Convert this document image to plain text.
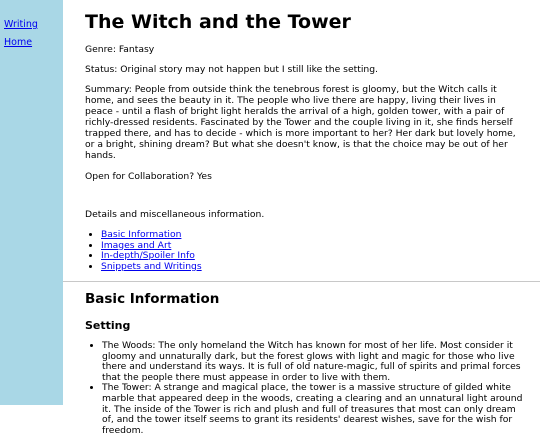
Writing
Home
The Witch and the Tower

Genre: Fantasy

Status: Original story may not happen but I still like the setting.

Summary: People from outside think the tenebrous forest is gloomy, but the Witch calls it home, and sees the beauty in it. The people who live there are happy, living their lives in peace - until a flash of bright light heralds the arrival of a high, golden tower, with a pair of richly-dressed residents. Fascinated by the Tower and the couple living in it, she finds herself trapped there, and has to decide - which is more important to her? Her dark but lovely home, or a bright, shining dream? But what she doesn't know, is that the choice may be out of her hands.

Open for Collaboration? Yes

Details and miscellaneous information.

• Basic Information
• Images and Art
• In-depth/Spoiler Info
• Snippets and Writings
Basic Information
Setting
• The Woods: The only homeland the Witch has known for most of her life. Most consider it gloomy and unnaturally dark, but the forest glows with light and magic for those who live there and understand its ways. It is full of old nature-magic, full of spirits and primal forces that the people there must appease in order to live with them.
• The Tower: A strange and magical place, the tower is a massive structure of gilded white marble that appeared deep in the woods, creating a clearing and an unnatural light around it. The inside of the Tower is rich and plush and full of treasures that most can only dream of, and the tower itself seems to grant its residents' dearest wishes, save for the wish for freedom.
